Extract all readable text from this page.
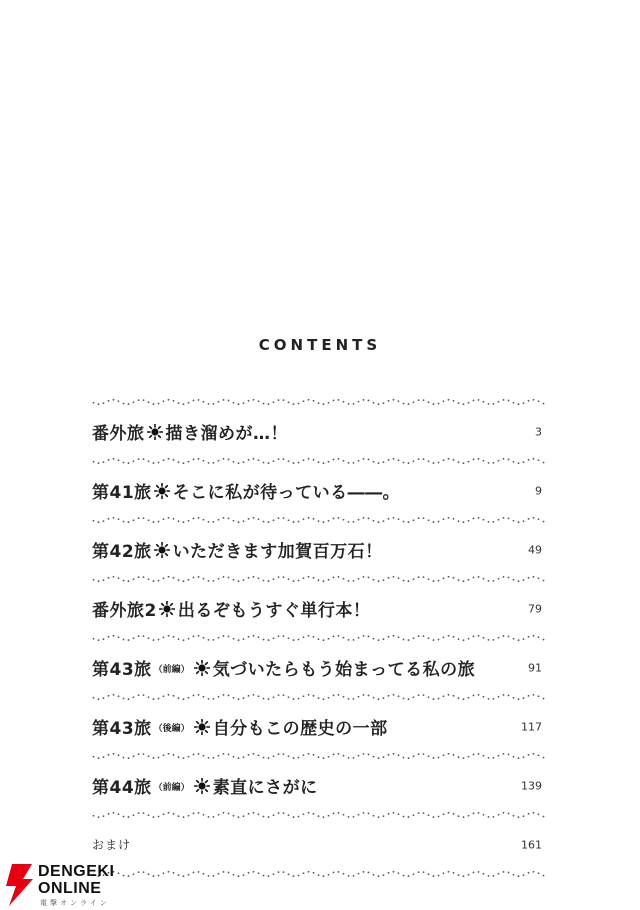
CONTENTS
番外旅 描き溜めが…！	3
第41旅 そこに私が待っている――。	9
第42旅 いただきます加賀百万石！	49
番外旅2 出るぞもうすぐ単行本！	79
第43旅 （前編） 気づいたらもう始まってる私の旅	91
第43旅 （後編） 自分もこの歴史の一部	117
第44旅 （前編） 素直にさがに	139
おまけ	161
DENGEKI
ONLINE
電撃オンライン
